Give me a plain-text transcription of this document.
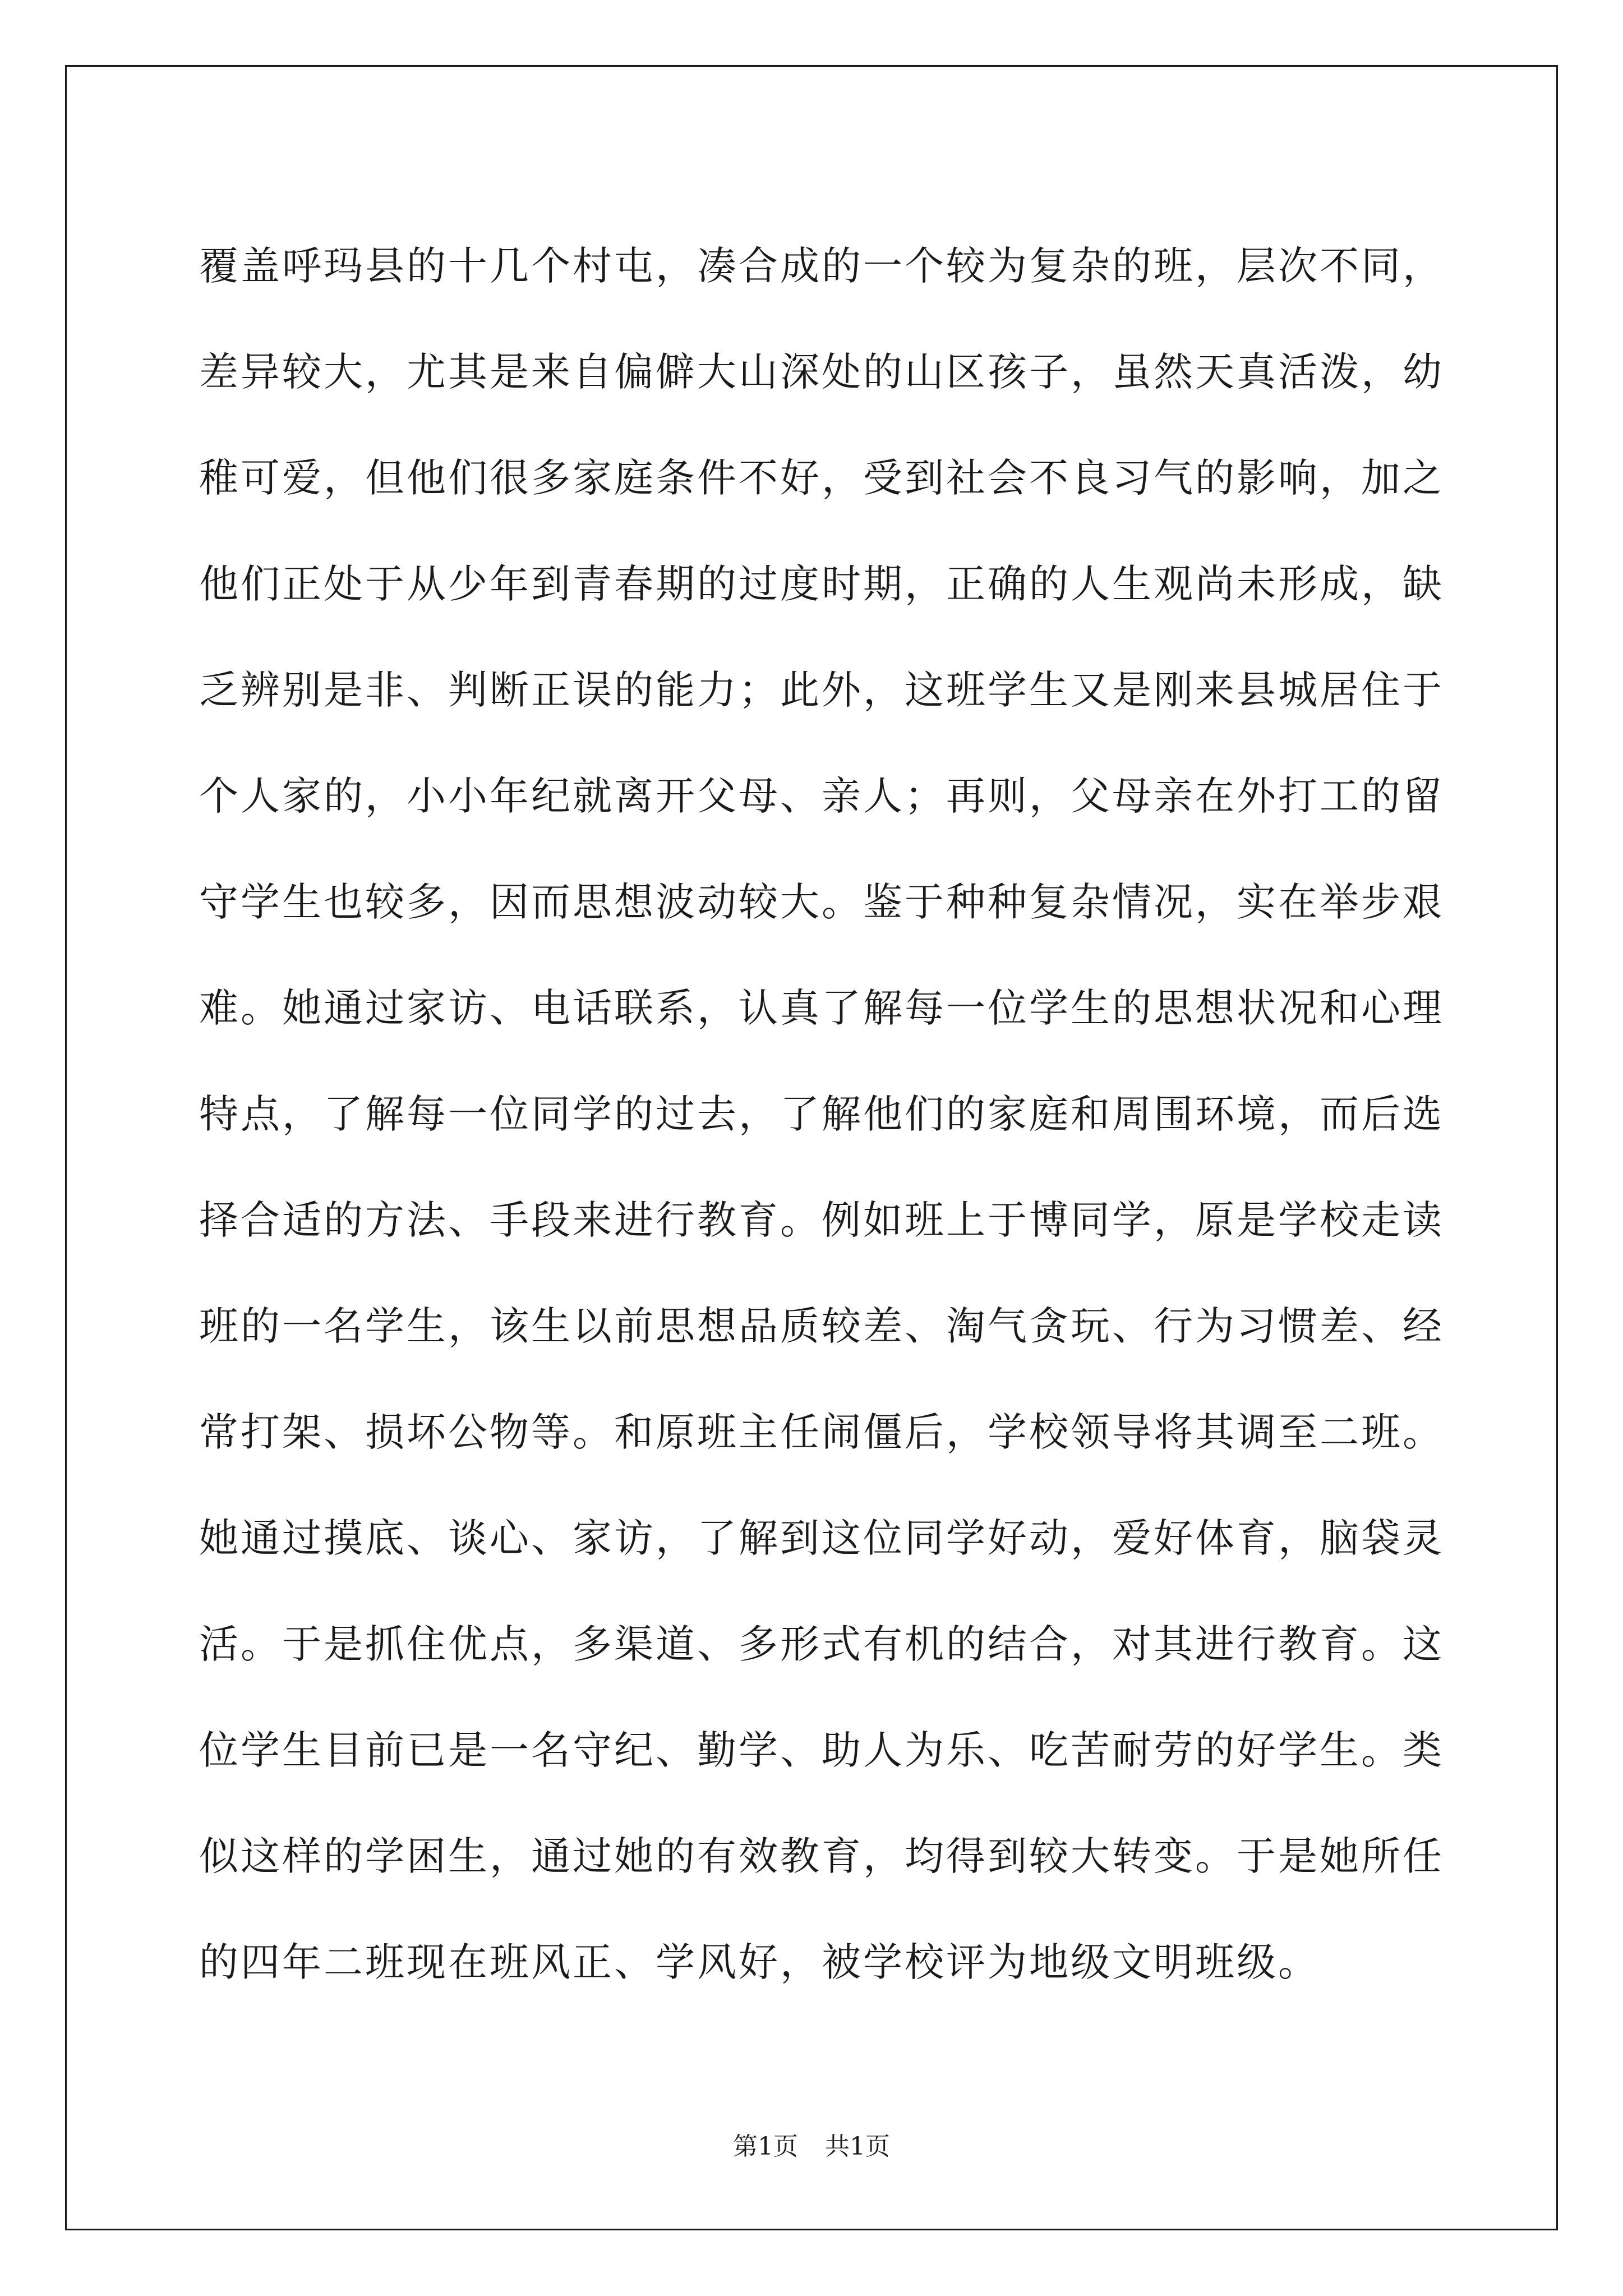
覆盖呼玛县的十几个村屯，凑合成的一个较为复杂的班，层次不同，
差异较大，尤其是来自偏僻大山深处的山区孩子，虽然天真活泼，幼
稚可爱，但他们很多家庭条件不好，受到社会不良习气的影响，加之
他们正处于从少年到青春期的过度时期，正确的人生观尚未形成，缺
乏辨别是非、判断正误的能力；此外，这班学生又是刚来县城居住于
个人家的，小小年纪就离开父母、亲人；再则，父母亲在外打工的留
守学生也较多，因而思想波动较大。鉴于种种复杂情况，实在举步艰
难。她通过家访、电话联系，认真了解每一位学生的思想状况和心理
特点，了解每一位同学的过去，了解他们的家庭和周围环境，而后选
择合适的方法、手段来进行教育。例如班上于博同学，原是学校走读
班的一名学生，该生以前思想品质较差、淘气贪玩、行为习惯差、经
常打架、损坏公物等。和原班主任闹僵后，学校领导将其调至二班。
她通过摸底、谈心、家访，了解到这位同学好动，爱好体育，脑袋灵
活。于是抓住优点，多渠道、多形式有机的结合，对其进行教育。这
位学生目前已是一名守纪、勤学、助人为乐、吃苦耐劳的好学生。类
似这样的学困生，通过她的有效教育，均得到较大转变。于是她所任
的四年二班现在班风正、学风好，被学校评为地级文明班级。
第1页 共1页
